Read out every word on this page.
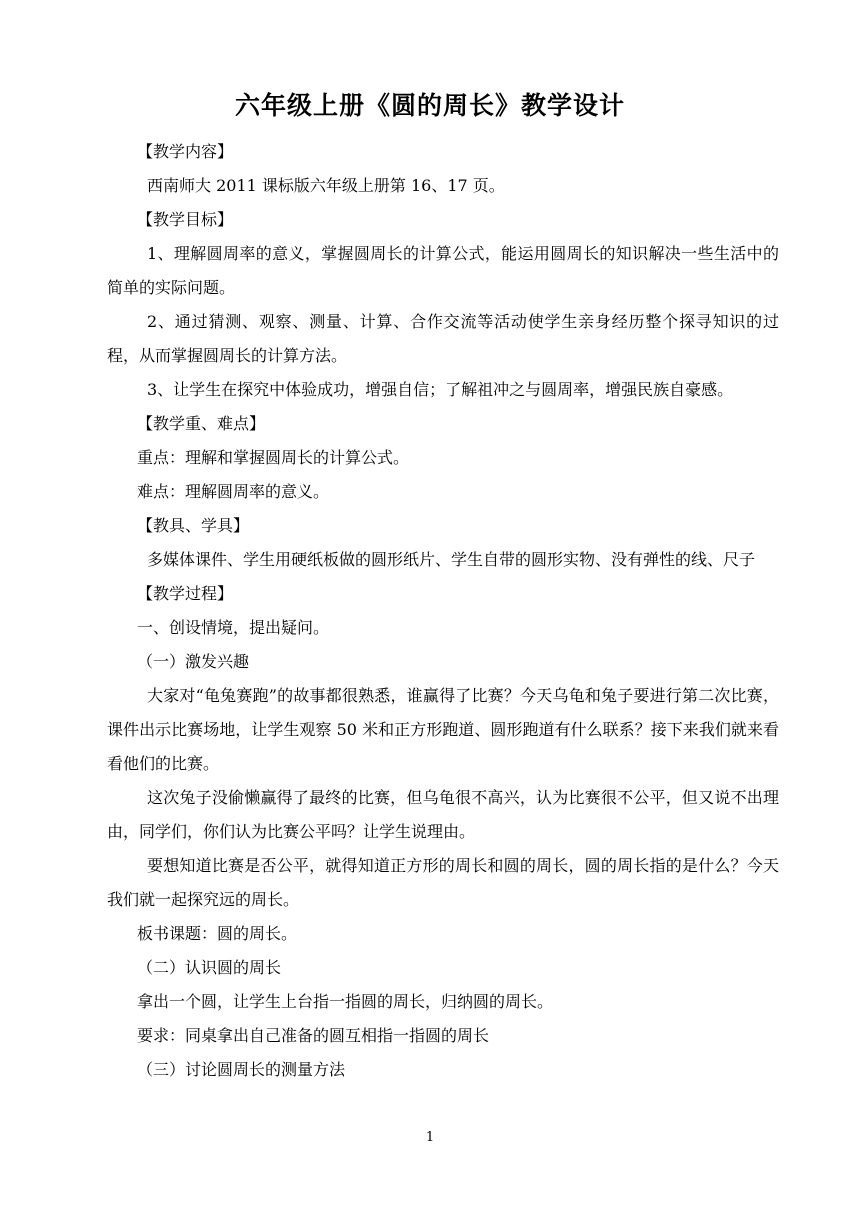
六年级上册《圆的周长》教学设计

【教学内容】

西南师大 2011 课标版六年级上册第 16、17 页。

【教学目标】

1、理解圆周率的意义，掌握圆周长的计算公式，能运用圆周长的知识解决一些生活中的简单的实际问题。

2、通过猜测、观察、测量、计算、合作交流等活动使学生亲身经历整个探寻知识的过程，从而掌握圆周长的计算方法。

3、让学生在探究中体验成功，增强自信；了解祖冲之与圆周率，增强民族自豪感。

【教学重、难点】

重点：理解和掌握圆周长的计算公式。

难点：理解圆周率的意义。

【教具、学具】

多媒体课件、学生用硬纸板做的圆形纸片、学生自带的圆形实物、没有弹性的线、尺子

【教学过程】

一、创设情境，提出疑问。

（一）激发兴趣

大家对“龟兔赛跑”的故事都很熟悉，谁赢得了比赛？今天乌龟和兔子要进行第二次比赛，课件出示比赛场地，让学生观察 50 米和正方形跑道、圆形跑道有什么联系？接下来我们就来看看他们的比赛。

这次兔子没偷懒赢得了最终的比赛，但乌龟很不高兴，认为比赛很不公平，但又说不出理由，同学们，你们认为比赛公平吗？让学生说理由。

要想知道比赛是否公平，就得知道正方形的周长和圆的周长，圆的周长指的是什么？今天我们就一起探究远的周长。

板书课题：圆的周长。

（二）认识圆的周长

拿出一个圆，让学生上台指一指圆的周长，归纳圆的周长。

要求：同桌拿出自己准备的圆互相指一指圆的周长

（三）讨论圆周长的测量方法

1
